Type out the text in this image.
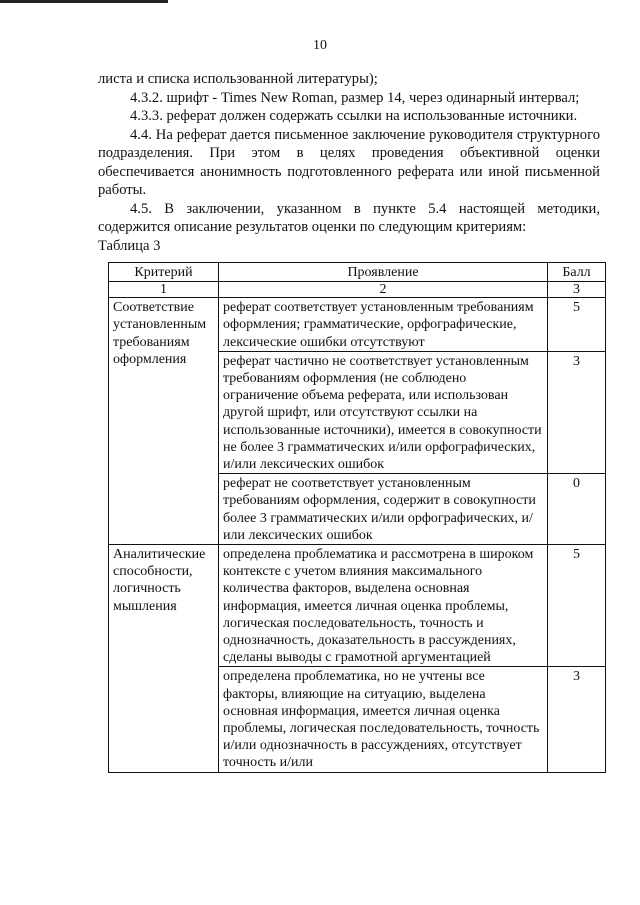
10

листа и списка использованной литературы);

4.3.2. шрифт - Times New Roman, размер 14, через одинарный интервал;

4.3.3. реферат должен содержать ссылки на использованные источники.

4.4. На реферат дается письменное заключение руководителя структурного подразделения. При этом в целях проведения объективной оценки обеспечивается анонимность подготовленного реферата или иной письменной работы.

4.5. В заключении, указанном в пункте 5.4 настоящей методики, содержится описание результатов оценки по следующим критериям:

Таблица 3

Критерий	Проявление	Балл
1	2	3
Соответствие установленным требованиям оформления	реферат соответствует установленным требованиям оформления; грамматические, орфографические, лексические ошибки отсутствуют	5
	реферат частично не соответствует установленным требованиям оформления (не соблюдено ограничение объема реферата, или использован другой шрифт, или отсутствуют ссылки на использованные источники), имеется в совокупности не более 3 грамматических и/или орфографических, и/или лексических ошибок	3
	реферат не соответствует установленным требованиям оформления, содержит в совокупности более 3 грамматических и/или орфографических, и/или лексических ошибок	0
Аналитические способности, логичность мышления	определена проблематика и рассмотрена в широком контексте с учетом влияния максимального количества факторов, выделена основная информация, имеется личная оценка проблемы, логическая последовательность, точность и однозначность, доказательность в рассуждениях, сделаны выводы с грамотной аргументацией	5
	определена проблематика, но не учтены все факторы, влияющие на ситуацию, выделена основная информация, имеется личная оценка проблемы, логическая последовательность, точность и/или однозначность в рассуждениях, отсутствует точность и/или	3
